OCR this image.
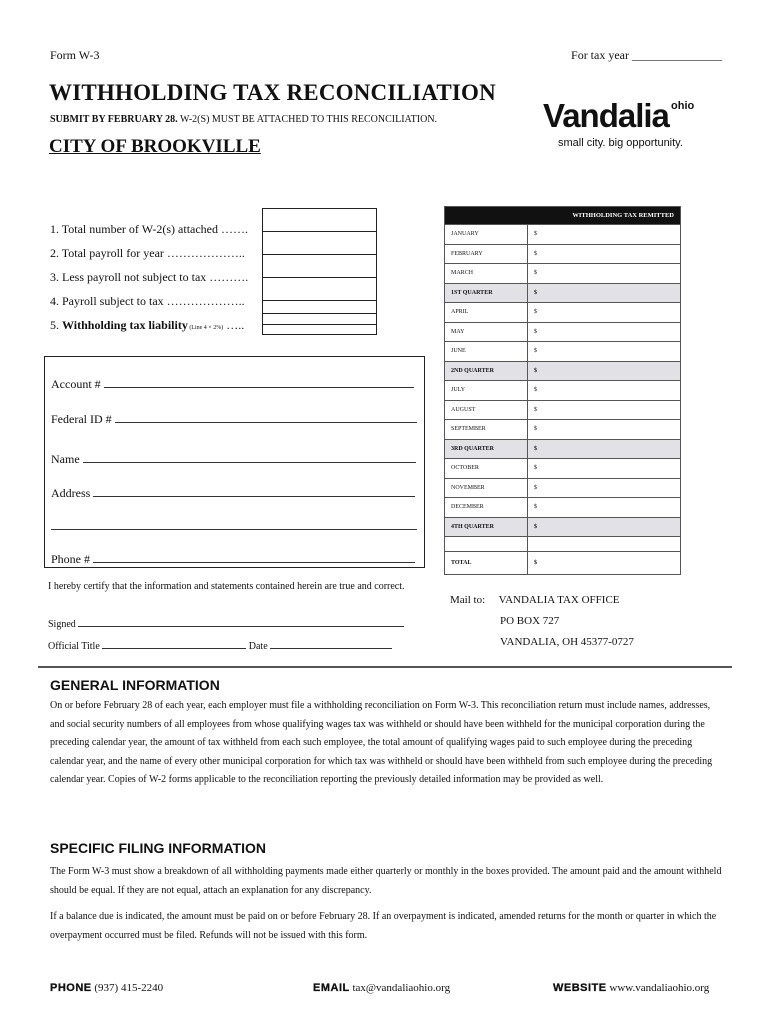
Form W-3	For tax year _______________
WITHHOLDING TAX RECONCILIATION
SUBMIT BY FEBRUARY 28. W-2(S) MUST BE ATTACHED TO THIS RECONCILIATION.
CITY OF BROOKVILLE
Vandalia ohio
small city. big opportunity.
1. Total number of W-2(s) attached …….
2. Total payroll for year ………………..
3. Less payroll not subject to tax ……….
4. Payroll subject to tax ………………..
5. Withholding tax liability (Line 4 × 2%) …..
Account #
Federal ID #
Name
Address
Phone #
I hereby certify that the information and statements contained herein are true and correct.
Signed
Official Title	Date
WITHHOLDING TAX REMITTED	
JANUARY	$
FEBRUARY	$
MARCH	$
1ST QUARTER	$
APRIL	$
MAY	$
JUNE	$
2ND QUARTER	$
JULY	$
AUGUST	$
SEPTEMBER	$
3RD QUARTER	$
OCTOBER	$
NOVEMBER	$
DECEMBER	$
4TH QUARTER	$

TOTAL	$
Mail to: VANDALIA TAX OFFICE
PO BOX 727
VANDALIA, OH 45377-0727
GENERAL INFORMATION
On or before February 28 of each year, each employer must file a withholding reconciliation on Form W-3. This reconciliation return must include names, addresses, and social security numbers of all employees from whose qualifying wages tax was withheld or should have been withheld for the municipal corporation during the preceding calendar year, the amount of tax withheld from each such employee, the total amount of qualifying wages paid to such employee during the preceding calendar year, and the name of every other municipal corporation for which tax was withheld or should have been withheld from such employee during the preceding calendar year. Copies of W-2 forms applicable to the reconciliation reporting the previously detailed information may be provided as well.
SPECIFIC FILING INFORMATION
The Form W-3 must show a breakdown of all withholding payments made either quarterly or monthly in the boxes provided. The amount paid and the amount withheld should be equal. If they are not equal, attach an explanation for any discrepancy.
If a balance due is indicated, the amount must be paid on or before February 28. If an overpayment is indicated, amended returns for the month or quarter in which the overpayment occurred must be filed. Refunds will not be issued with this form.
PHONE (937) 415-2240	EMAIL tax@vandaliaohio.org	WEBSITE www.vandaliaohio.org
